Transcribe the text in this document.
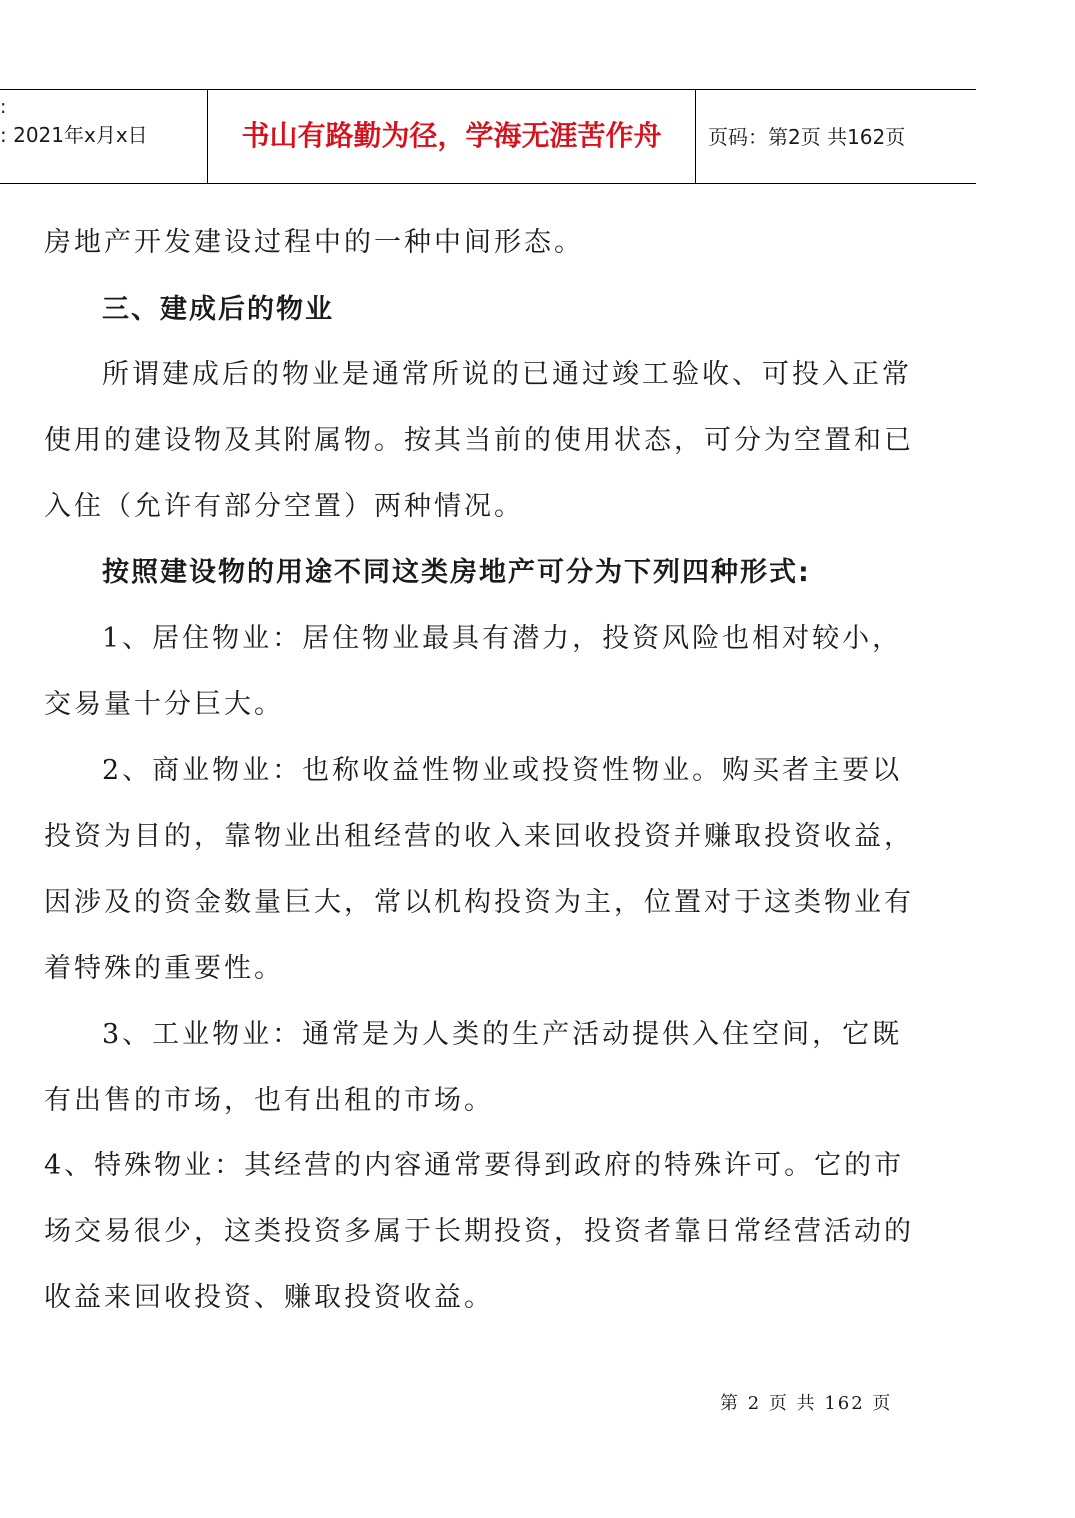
:
: 2021年x月x日	书山有路勤为径，学海无涯苦作舟	页码：第2页 共162页

房地产开发建设过程中的一种中间形态。

三、建成后的物业

所谓建成后的物业是通常所说的已通过竣工验收、可投入正常

使用的建设物及其附属物。按其当前的使用状态，可分为空置和已

入住（允许有部分空置）两种情况。

按照建设物的用途不同这类房地产可分为下列四种形式:

1、居住物业：居住物业最具有潜力，投资风险也相对较小，

交易量十分巨大。

2、商业物业：也称收益性物业或投资性物业。购买者主要以

投资为目的，靠物业出租经营的收入来回收投资并赚取投资收益，

因涉及的资金数量巨大，常以机构投资为主，位置对于这类物业有

着特殊的重要性。

3、工业物业：通常是为人类的生产活动提供入住空间，它既

有出售的市场，也有出租的市场。

4、特殊物业：其经营的内容通常要得到政府的特殊许可。它的市

场交易很少，这类投资多属于长期投资，投资者靠日常经营活动的

收益来回收投资、赚取投资收益。

第 2 页 共 162 页
